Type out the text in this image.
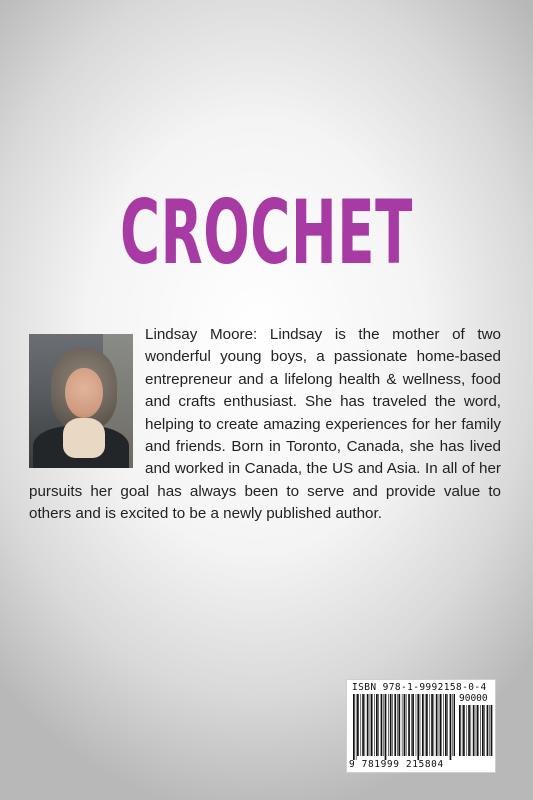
CROCHET
Lindsay Moore: Lindsay is the mother of two wonderful young boys, a passionate home-based entrepreneur and a lifelong health & wellness, food and crafts enthusiast. She has traveled the word, helping to create amazing experiences for her family and friends. Born in Toronto, Canada, she has lived and worked in Canada, the US and Asia. In all of her pursuits her goal has always been to serve and provide value to others and is excited to be a newly published author.
ISBN 978-1-9992158-0-4
90000
9 781999 215804
